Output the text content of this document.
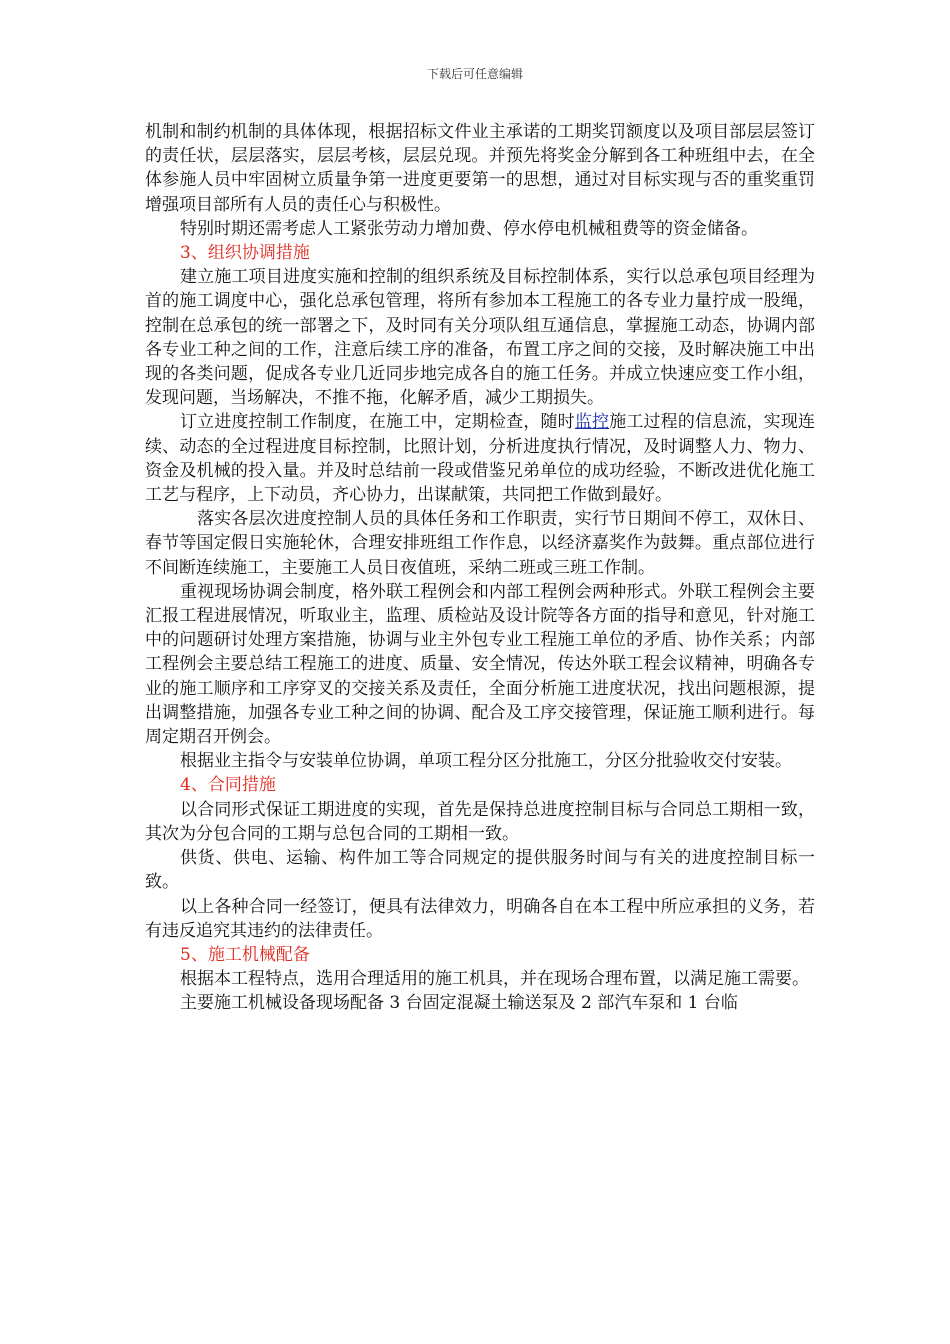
下载后可任意编辑

机制和制约机制的具体体现，根据招标文件业主承诺的工期奖罚额度以及项目部层层签订的责任状，层层落实，层层考核，层层兑现。并预先将奖金分解到各工种班组中去，在全体参施人员中牢固树立质量争第一进度更要第一的思想，通过对目标实现与否的重奖重罚增强项目部所有人员的责任心与积极性。

特别时期还需考虑人工紧张劳动力增加费、停水停电机械租费等的资金储备。

3、组织协调措施

建立施工项目进度实施和控制的组织系统及目标控制体系，实行以总承包项目经理为首的施工调度中心，强化总承包管理，将所有参加本工程施工的各专业力量拧成一股绳，控制在总承包的统一部署之下，及时同有关分项队组互通信息，掌握施工动态，协调内部各专业工种之间的工作，注意后续工序的准备，布置工序之间的交接，及时解决施工中出现的各类问题，促成各专业几近同步地完成各自的施工任务。并成立快速应变工作小组，发现问题，当场解决，不推不拖，化解矛盾，减少工期损失。

订立进度控制工作制度，在施工中，定期检查，随时监控施工过程的信息流，实现连续、动态的全过程进度目标控制，比照计划，分析进度执行情况，及时调整人力、物力、资金及机械的投入量。并及时总结前一段或借鉴兄弟单位的成功经验，不断改进优化施工工艺与程序，上下动员，齐心协力，出谋献策，共同把工作做到最好。

落实各层次进度控制人员的具体任务和工作职责，实行节日期间不停工，双休日、春节等国定假日实施轮休，合理安排班组工作作息，以经济嘉奖作为鼓舞。重点部位进行不间断连续施工，主要施工人员日夜值班，采纳二班或三班工作制。

重视现场协调会制度，格外联工程例会和内部工程例会两种形式。外联工程例会主要汇报工程进展情况，听取业主，监理、质检站及设计院等各方面的指导和意见，针对施工中的问题研讨处理方案措施，协调与业主外包专业工程施工单位的矛盾、协作关系；内部工程例会主要总结工程施工的进度、质量、安全情况，传达外联工程会议精神，明确各专业的施工顺序和工序穿叉的交接关系及责任，全面分析施工进度状况，找出问题根源，提出调整措施，加强各专业工种之间的协调、配合及工序交接管理，保证施工顺利进行。每周定期召开例会。

根据业主指令与安装单位协调，单项工程分区分批施工，分区分批验收交付安装。

4、合同措施

以合同形式保证工期进度的实现，首先是保持总进度控制目标与合同总工期相一致，其次为分包合同的工期与总包合同的工期相一致。

供货、供电、运输、构件加工等合同规定的提供服务时间与有关的进度控制目标一致。

以上各种合同一经签订，便具有法律效力，明确各自在本工程中所应承担的义务，若有违反追究其违约的法律责任。

5、施工机械配备

根据本工程特点，选用合理适用的施工机具，并在现场合理布置，以满足施工需要。

主要施工机械设备现场配备 3 台固定混凝土输送泵及 2 部汽车泵和 1 台临
